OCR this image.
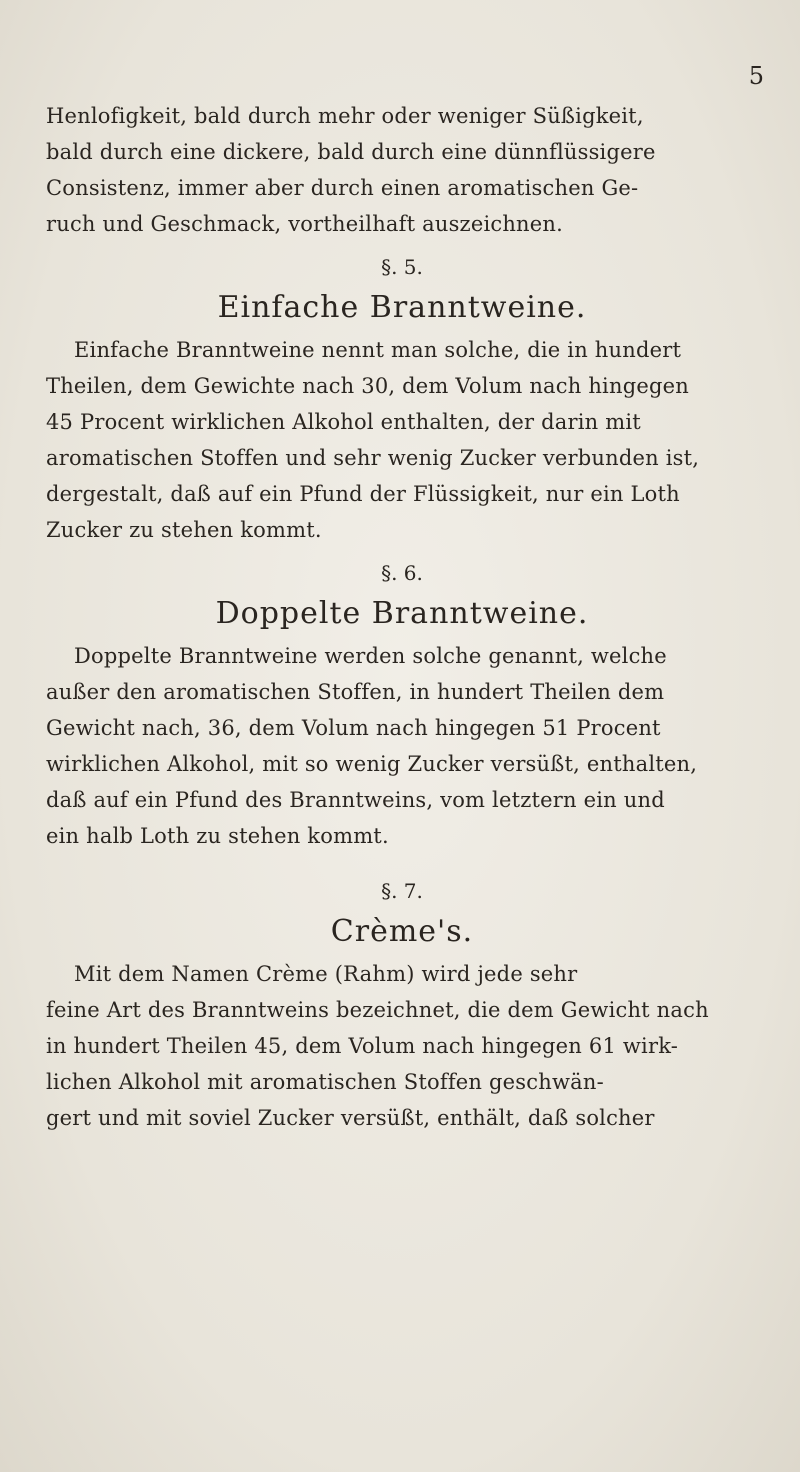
5
Henlofigkeit, bald durch mehr oder weniger Süßigkeit,
bald durch eine dickere, bald durch eine dünnflüssigere
Consistenz, immer aber durch einen aromatischen Ge-
ruch und Geschmack, vortheilhaft auszeichnen.
§. 5.
Einfache Branntweine.
Einfache Branntweine nennt man solche, die in hundert
Theilen, dem Gewichte nach 30, dem Volum nach hingegen
45 Procent wirklichen Alkohol enthalten, der darin mit
aromatischen Stoffen und sehr wenig Zucker verbunden ist,
dergestalt, daß auf ein Pfund der Flüssigkeit, nur ein Loth
Zucker zu stehen kommt.
§. 6.
Doppelte Branntweine.
Doppelte Branntweine werden solche genannt, welche
außer den aromatischen Stoffen, in hundert Theilen dem
Gewicht nach, 36, dem Volum nach hingegen 51 Procent
wirklichen Alkohol, mit so wenig Zucker versüßt, enthalten,
daß auf ein Pfund des Branntweins, vom letztern ein und
ein halb Loth zu stehen kommt.
§. 7.
Crème's.
Mit dem Namen Crème (Rahm) wird jede sehr
feine Art des Branntweins bezeichnet, die dem Gewicht nach
in hundert Theilen 45, dem Volum nach hingegen 61 wirk-
lichen Alkohol mit aromatischen Stoffen geschwän-
gert und mit soviel Zucker versüßt, enthält, daß solcher
